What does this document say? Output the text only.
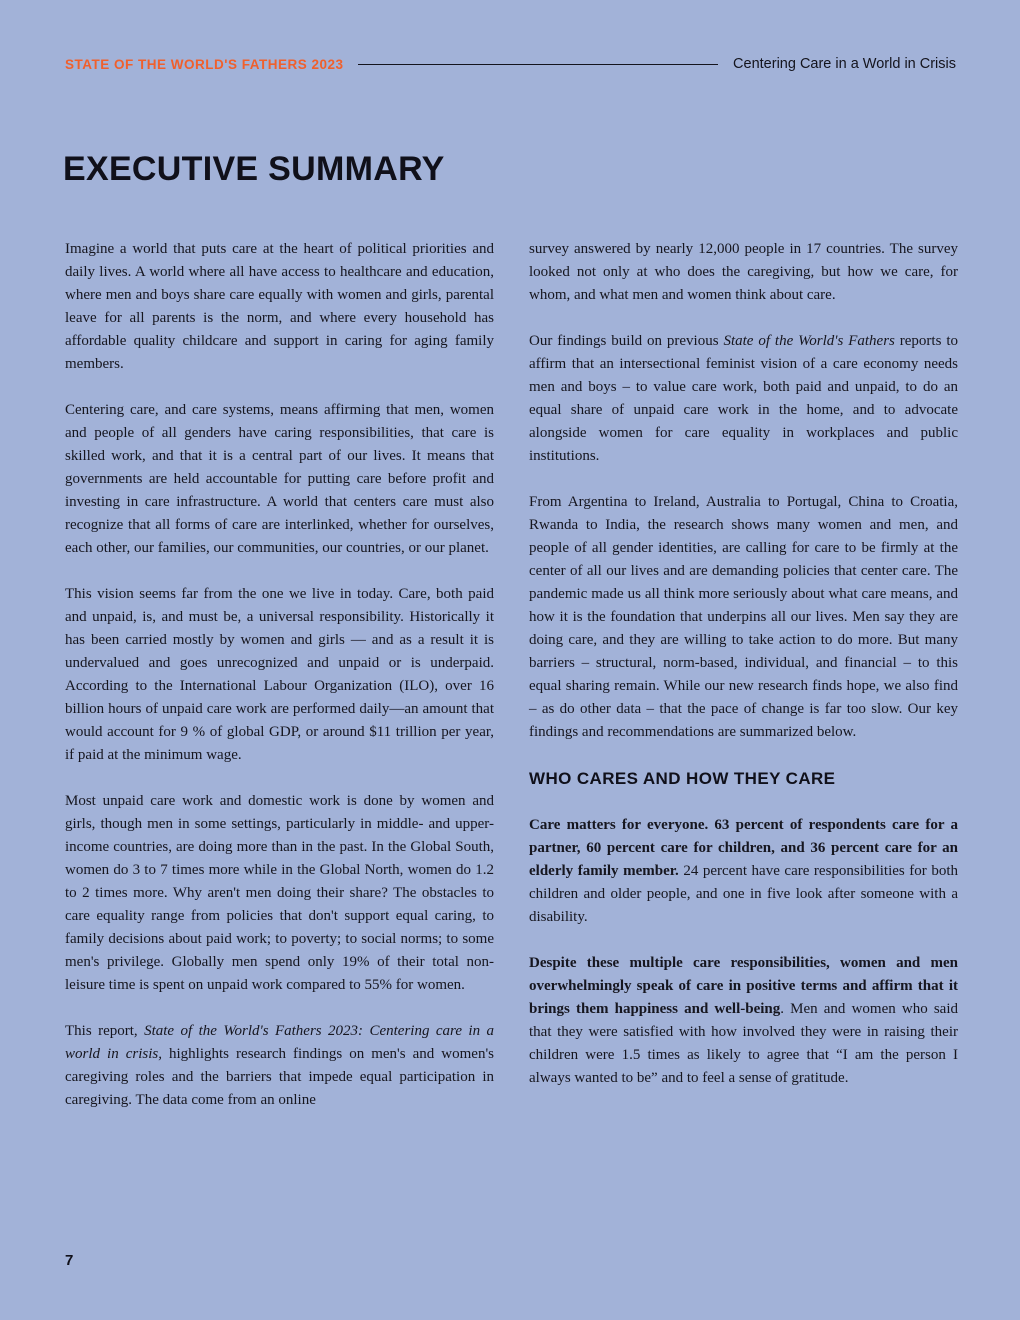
STATE OF THE WORLD'S FATHERS 2023	Centering Care in a World in Crisis
EXECUTIVE SUMMARY

Imagine a world that puts care at the heart of political priorities and daily lives. A world where all have access to healthcare and education, where men and boys share care equally with women and girls, parental leave for all parents is the norm, and where every household has affordable quality childcare and support in caring for aging family members.

Centering care, and care systems, means affirming that men, women and people of all genders have caring responsibilities, that care is skilled work, and that it is a central part of our lives. It means that governments are held accountable for putting care before profit and investing in care infrastructure. A world that centers care must also recognize that all forms of care are interlinked, whether for ourselves, each other, our families, our communities, our countries, or our planet.

This vision seems far from the one we live in today. Care, both paid and unpaid, is, and must be, a universal responsibility. Historically it has been carried mostly by women and girls — and as a result it is undervalued and goes unrecognized and unpaid or is underpaid. According to the International Labour Organization (ILO), over 16 billion hours of unpaid care work are performed daily—an amount that would account for 9 % of global GDP, or around $11 trillion per year, if paid at the minimum wage.

Most unpaid care work and domestic work is done by women and girls, though men in some settings, particularly in middle- and upper-income countries, are doing more than in the past. In the Global South, women do 3 to 7 times more while in the Global North, women do 1.2 to 2 times more. Why aren't men doing their share? The obstacles to care equality range from policies that don't support equal caring, to family decisions about paid work; to poverty; to social norms; to some men's privilege. Globally men spend only 19% of their total non-leisure time is spent on unpaid work compared to 55% for women.

This report, State of the World's Fathers 2023: Centering care in a world in crisis, highlights research findings on men's and women's caregiving roles and the barriers that impede equal participation in caregiving. The data come from an online

survey answered by nearly 12,000 people in 17 countries. The survey looked not only at who does the caregiving, but how we care, for whom, and what men and women think about care.

Our findings build on previous State of the World's Fathers reports to affirm that an intersectional feminist vision of a care economy needs men and boys – to value care work, both paid and unpaid, to do an equal share of unpaid care work in the home, and to advocate alongside women for care equality in workplaces and public institutions.

From Argentina to Ireland, Australia to Portugal, China to Croatia, Rwanda to India, the research shows many women and men, and people of all gender identities, are calling for care to be firmly at the center of all our lives and are demanding policies that center care. The pandemic made us all think more seriously about what care means, and how it is the foundation that underpins all our lives. Men say they are doing care, and they are willing to take action to do more. But many barriers – structural, norm-based, individual, and financial – to this equal sharing remain. While our new research finds hope, we also find – as do other data – that the pace of change is far too slow. Our key findings and recommendations are summarized below.

WHO CARES AND HOW THEY CARE

Care matters for everyone. 63 percent of respondents care for a partner, 60 percent care for children, and 36 percent care for an elderly family member. 24 percent have care responsibilities for both children and older people, and one in five look after someone with a disability.

Despite these multiple care responsibilities, women and men overwhelmingly speak of care in positive terms and affirm that it brings them happiness and well-being. Men and women who said that they were satisfied with how involved they were in raising their children were 1.5 times as likely to agree that “I am the person I always wanted to be” and to feel a sense of gratitude.

7
